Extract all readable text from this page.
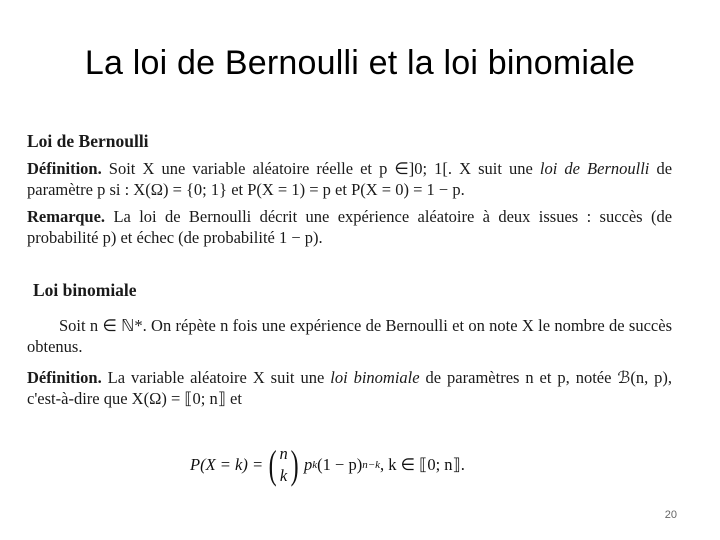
La loi de Bernoulli et la loi binomiale
Loi de Bernoulli
Définition. Soit X une variable aléatoire réelle et p ∈]0; 1[. X suit une loi de Bernoulli de paramètre p si : X(Ω) = {0; 1} et P(X = 1) = p et P(X = 0) = 1 − p.
Remarque. La loi de Bernoulli décrit une expérience aléatoire à deux issues : succès (de probabilité p) et échec (de probabilité 1 − p).
Loi binomiale
Soit n ∈ ℕ*. On répète n fois une expérience de Bernoulli et on note X le nombre de succès obtenus.
Définition. La variable aléatoire X suit une loi binomiale de paramètres n et p, notée ℬ(n, p), c'est-à-dire que X(Ω) = ⟦0; n⟧ et
P(X = k) = ( n
k ) p k (1 − p) n−k , k ∈ ⟦0; n⟧.
20
